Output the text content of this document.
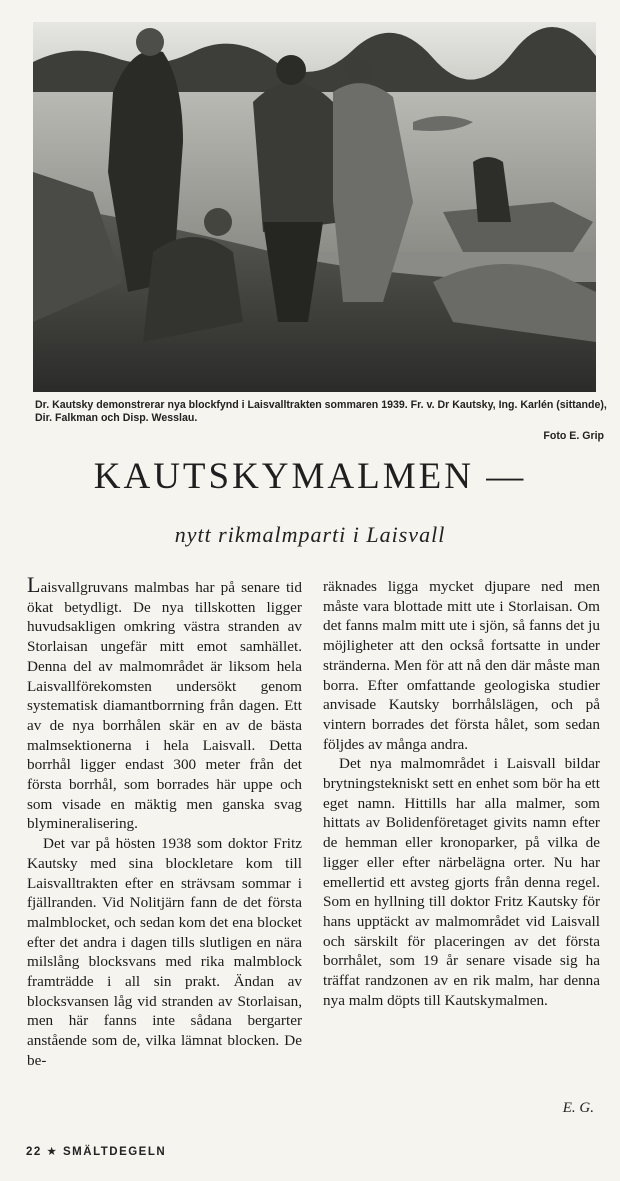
Dr. Kautsky demonstrerar nya blockfynd i Laisvalltrakten sommaren 1939. Fr. v. Dr Kautsky, Ing. Karlén (sittande), Dir. Falkman och Disp. Wesslau.
Foto E. Grip
KAUTSKYMALMEN —
nytt rikmalmparti i Laisvall

Laisvallgruvans malmbas har på senare tid ökat betydligt. De nya tillskotten ligger huvudsakligen omkring västra stranden av Storlaisan ungefär mitt emot samhället. Denna del av malmområdet är liksom hela Laisvallförekomsten undersökt genom systematisk diamantborrning från dagen. Ett av de nya borrhålen skär en av de bästa malmsektionerna i hela Laisvall. Detta borrhål ligger endast 300 meter från det första borrhål, som borrades här uppe och som visade en mäktig men ganska svag blymineralisering.

Det var på hösten 1938 som doktor Fritz Kautsky med sina blockletare kom till Laisvalltrakten efter en strävsam sommar i fjällranden. Vid Nolitjärn fann de det första malmblocket, och sedan kom det ena blocket efter det andra i dagen tills slutligen en nära milslång blocksvans med rika malmblock framträdde i all sin prakt. Ändan av blocksvansen låg vid stranden av Storlaisan, men här fanns inte sådana bergarter anstående som de, vilka lämnat blocken. De be-

räknades ligga mycket djupare ned men måste vara blottade mitt ute i Storlaisan. Om det fanns malm mitt ute i sjön, så fanns det ju möjligheter att den också fortsatte in under stränderna. Men för att nå den där måste man borra. Efter omfattande geologiska studier anvisade Kautsky borrhålslägen, och på vintern borrades det första hålet, som sedan följdes av många andra.

Det nya malmområdet i Laisvall bildar brytningstekniskt sett en enhet som bör ha ett eget namn. Hittills har alla malmer, som hittats av Bolidenföretaget givits namn efter de hemman eller kronoparker, på vilka de ligger eller efter närbelägna orter. Nu har emellertid ett avsteg gjorts från denna regel. Som en hyllning till doktor Fritz Kautsky för hans upptäckt av malmområdet vid Laisvall och särskilt för placeringen av det första borrhålet, som 19 år senare visade sig ha träffat randzonen av en rik malm, har denna nya malm döpts till Kautskymalmen.

E. G.
22 ★ SMÄLTDEGELN
